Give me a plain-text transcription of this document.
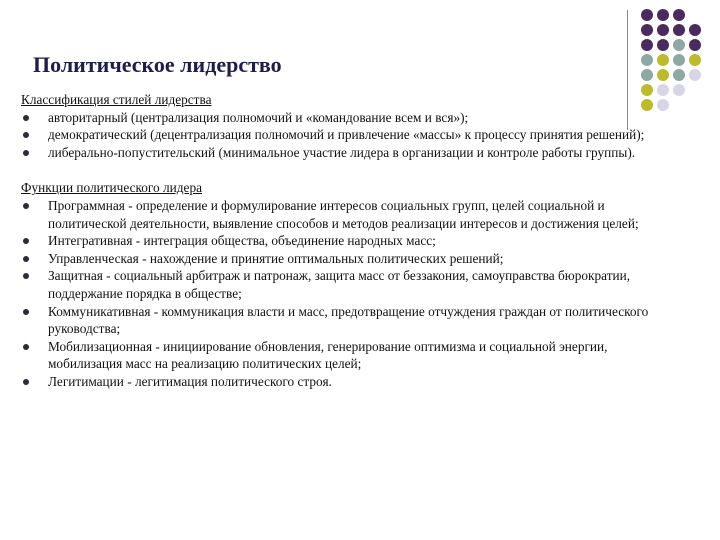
Политическое лидерство
Классификация стилей лидерства
авторитарный (централизация полномочий и «командование всем и вся»);
демократический (децентрализация полномочий и привлечение «массы» к процессу принятия решений);
либерально-попустительский (минимальное участие лидера в организации и контроле работы группы).
Функции политического лидера
Программная - определение и формулирование интересов социальных групп, целей социальной и политической деятельности, выявление способов и методов реализации интересов и достижения целей;
Интегративная - интеграция общества, объединение народных масс;
Управленческая - нахождение и принятие оптимальных политических решений;
Защитная - социальный арбитраж и патронаж, защита масс от беззакония, самоуправства бюрократии, поддержание порядка в обществе;
Коммуникативная - коммуникация власти и масс, предотвращение отчуждения граждан от политического руководства;
Мобилизационная - инициирование обновления, генерирование оптимизма и социальной энергии, мобилизация масс на реализацию политических целей;
Легитимации - легитимация политического строя.
